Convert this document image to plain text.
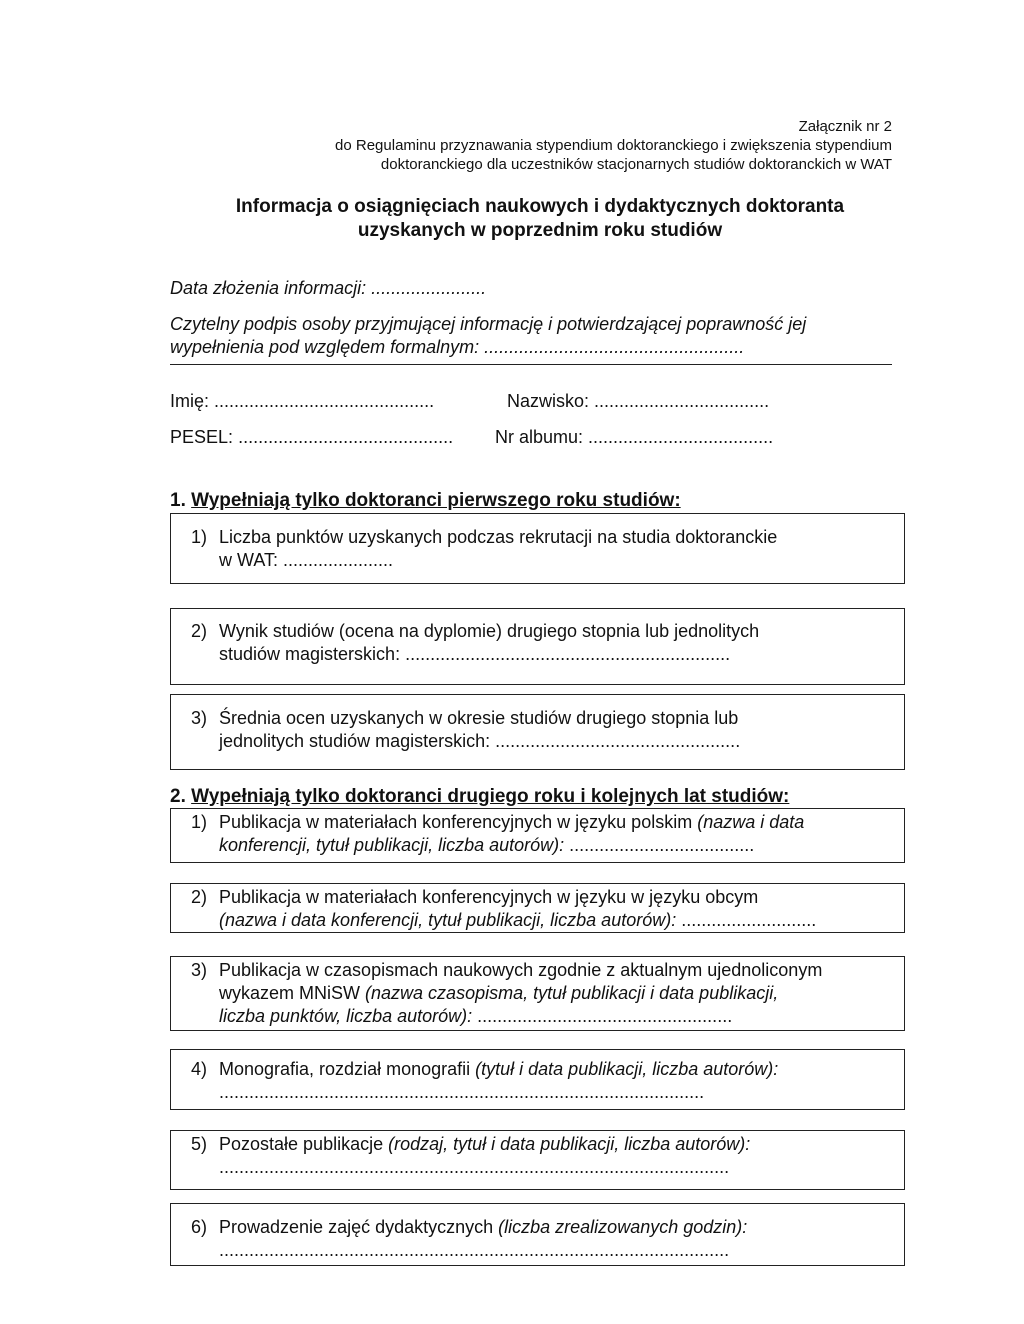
Załącznik nr 2
do Regulaminu przyznawania stypendium doktoranckiego i zwiększenia stypendium
doktoranckiego dla uczestników stacjonarnych studiów doktoranckich w WAT
Informacja o osiągnięciach naukowych i dydaktycznych doktoranta
uzyskanych w poprzednim roku studiów
Data złożenia informacji: .......................
Czytelny podpis osoby przyjmującej informację i potwierdzającej poprawność jej
wypełnienia pod względem formalnym: ....................................................
Imię: ............................................	Nazwisko: ...................................
PESEL: ........................................... Nr albumu: .....................................
1. Wypełniają tylko doktoranci pierwszego roku studiów:
1) Liczba punktów uzyskanych podczas rekrutacji na studia doktoranckie
w WAT: ......................
2) Wynik studiów (ocena na dyplomie) drugiego stopnia lub jednolitych
studiów magisterskich: .................................................................
3) Średnia ocen uzyskanych w okresie studiów drugiego stopnia lub
jednolitych studiów magisterskich: .................................................
2. Wypełniają tylko doktoranci drugiego roku i kolejnych lat studiów:
1) Publikacja w materiałach konferencyjnych w języku polskim (nazwa i data
konferencji, tytuł publikacji, liczba autorów): .....................................
2) Publikacja w materiałach konferencyjnych w języku w języku obcym
(nazwa i data konferencji, tytuł publikacji, liczba autorów): ...........................
3) Publikacja w czasopismach naukowych zgodnie z aktualnym ujednoliconym
wykazem MNiSW (nazwa czasopisma, tytuł publikacji i data publikacji,
liczba punktów, liczba autorów): ...................................................
4) Monografia, rozdział monografii (tytuł i data publikacji, liczba autorów):
.................................................................................................
5) Pozostałe publikacje (rodzaj, tytuł i data publikacji, liczba autorów):
......................................................................................................
6) Prowadzenie zajęć dydaktycznych (liczba zrealizowanych godzin):
......................................................................................................
